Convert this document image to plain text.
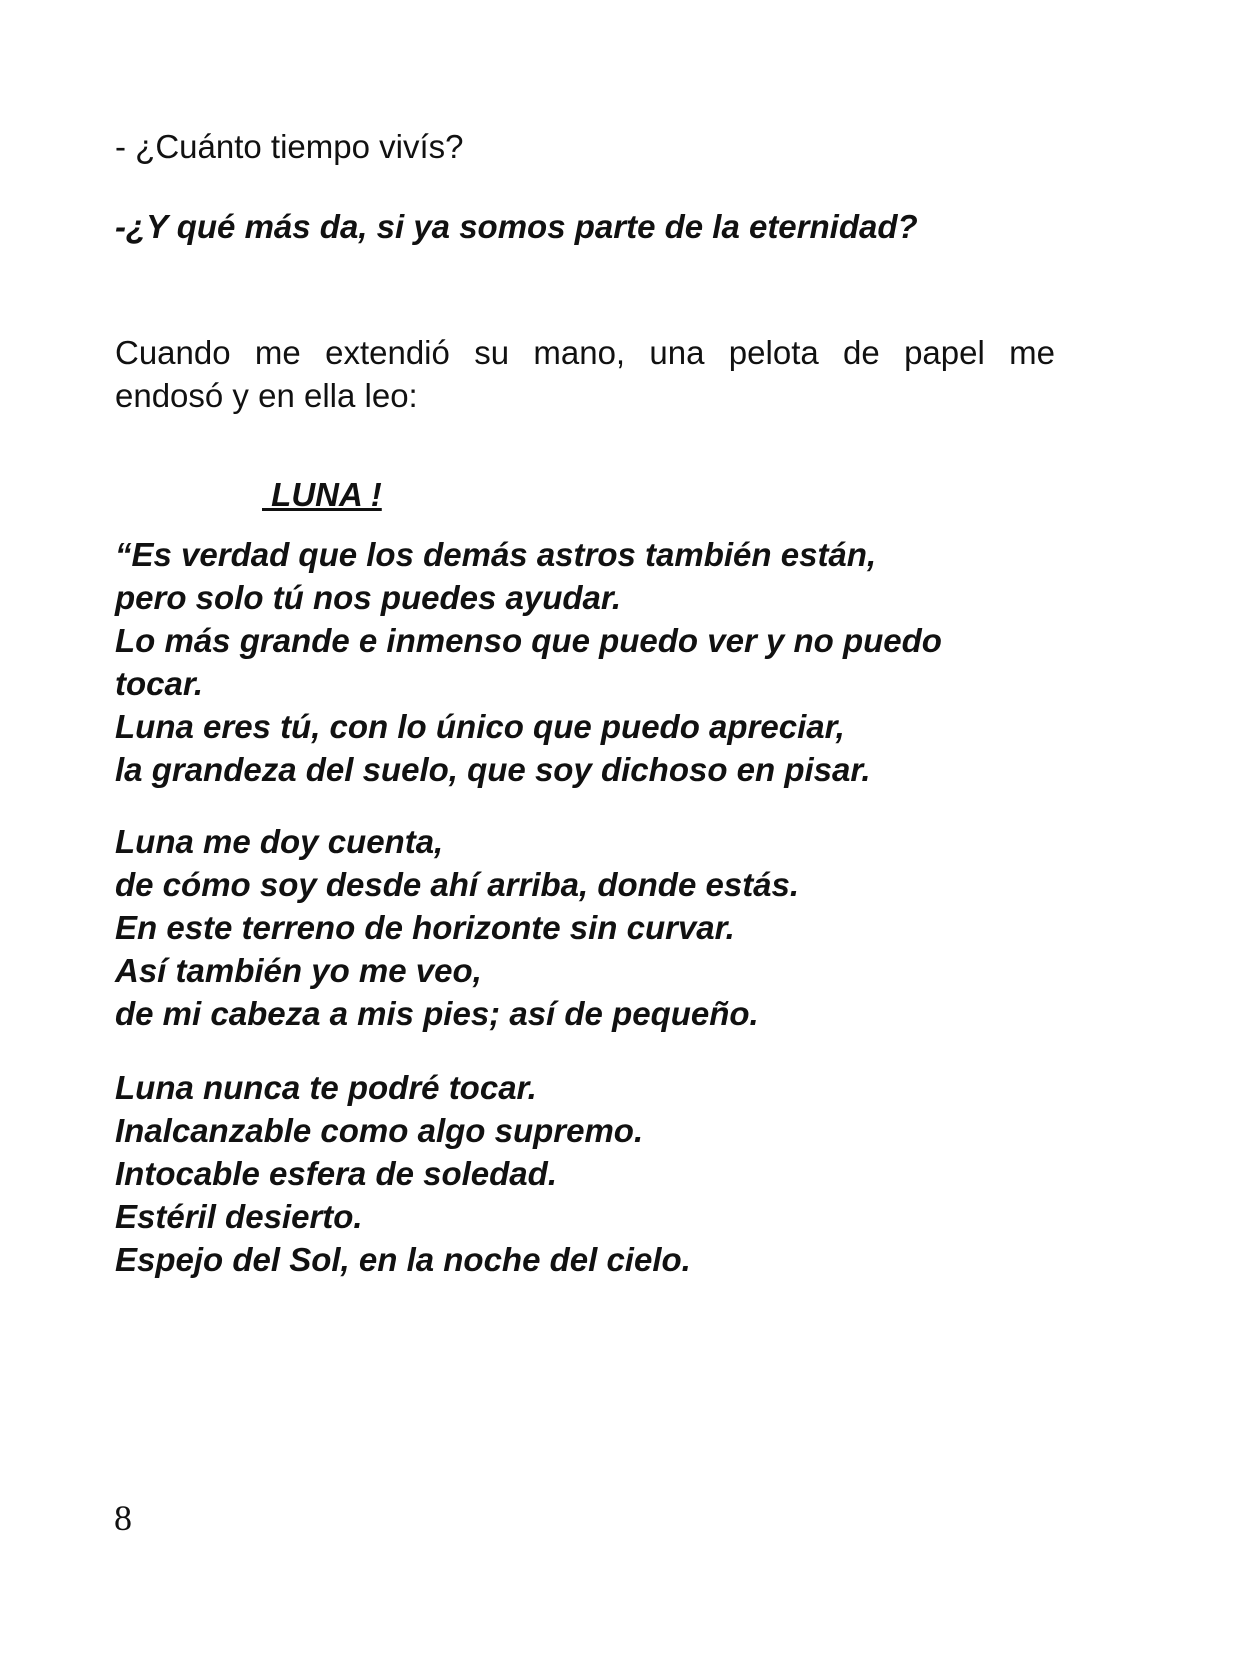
- ¿Cuánto tiempo vivís?

-¿Y qué más da, si ya somos parte de la eternidad?

Cuando me extendió su mano, una pelota de papel me
endosó y en ella leo:
LUNA !
“Es verdad que los demás astros también están,
pero solo tú nos puedes ayudar.
Lo más grande e inmenso que puedo ver y no puedo
tocar.
Luna eres tú, con lo único que puedo apreciar,
la grandeza del suelo, que soy dichoso en pisar.
Luna me doy cuenta,
de cómo soy desde ahí arriba, donde estás.
En este terreno de horizonte sin curvar.
Así también yo me veo,
de mi cabeza a mis pies; así de pequeño.
Luna nunca te podré tocar.
Inalcanzable como algo supremo.
Intocable esfera de soledad.
Estéril desierto.
Espejo del Sol, en la noche del cielo.
8
